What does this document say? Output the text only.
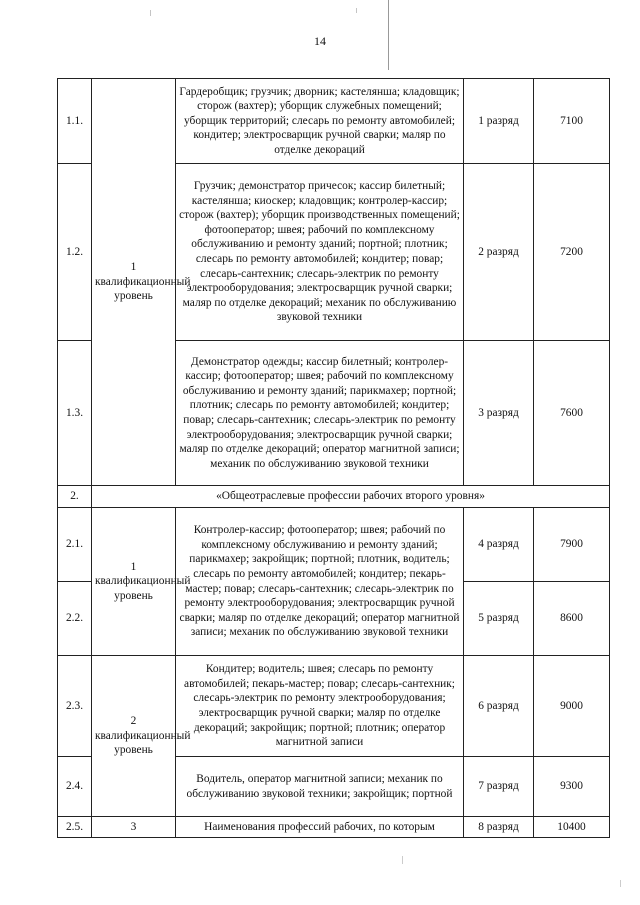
14
1.1.	1 квалификационный уровень	Гардеробщик; грузчик; дворник; кастелянша; кладовщик; сторож (вахтер); уборщик служебных помещений; уборщик территорий; слесарь по ремонту автомобилей; кондитер; электросварщик ручной сварки; маляр по отделке декораций	1 разряд	7100
1.2.		Грузчик; демонстратор причесок; кассир билетный; кастелянша; киоскер; кладовщик; контролер-кассир; сторож (вахтер); уборщик производственных помещений; фотооператор; швея; рабочий по комплексному обслуживанию и ремонту зданий; портной; плотник; слесарь по ремонту автомобилей; кондитер; повар; слесарь-сантехник; слесарь-электрик по ремонту электрооборудования; электросварщик ручной сварки; маляр по отделке декораций; механик по обслуживанию звуковой техники	2 разряд	7200
1.3.		Демонстратор одежды; кассир билетный; контролер-кассир; фотооператор; швея; рабочий по комплексному обслуживанию и ремонту зданий; парикмахер; портной; плотник; слесарь по ремонту автомобилей; кондитер; повар; слесарь-сантехник; слесарь-электрик по ремонту электрооборудования; электросварщик ручной сварки; маляр по отделке декораций; оператор магнитной записи; механик по обслуживанию звуковой техники	3 разряд	7600
2.	«Общеотраслевые профессии рабочих второго уровня»			
2.1.	1 квалификационный уровень	Контролер-кассир; фотооператор; швея; рабочий по комплексному обслуживанию и ремонту зданий; парикмахер; закройщик; портной; плотник, водитель; слесарь по ремонту автомобилей; кондитер; пекарь-мастер; повар; слесарь-сантехник; слесарь-электрик по ремонту электрооборудования; электросварщик ручной сварки; маляр по отделке декораций; оператор магнитной записи; механик по обслуживанию звуковой техники	4 разряд	7900
2.2.			5 разряд	8600
2.3.	2 квалификационный уровень	Кондитер; водитель; швея; слесарь по ремонту автомобилей; пекарь-мастер; повар; слесарь-сантехник; слесарь-электрик по ремонту электрооборудования; электросварщик ручной сварки; маляр по отделке декораций; закройщик; портной; плотник; оператор магнитной записи	6 разряд	9000
2.4.		Водитель, оператор магнитной записи; механик по обслуживанию звуковой техники; закройщик; портной	7 разряд	9300
2.5.	3	Наименования профессий рабочих, по которым	8 разряд	10400
